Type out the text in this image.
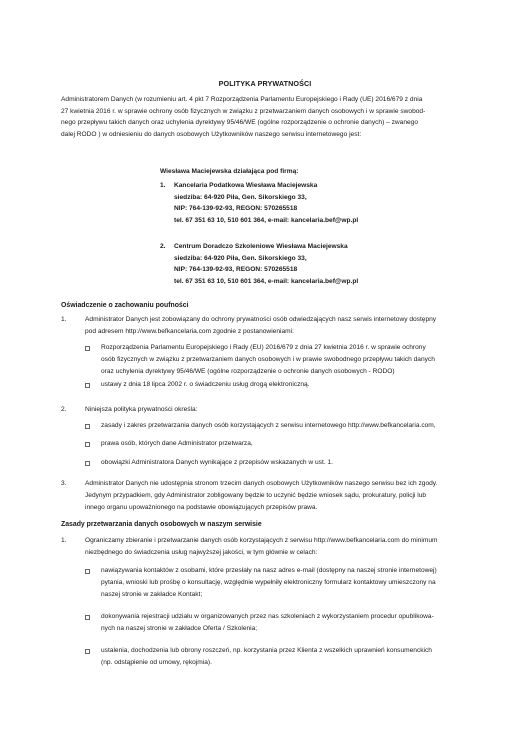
POLITYKA PRYWATNOŚCI
Administratorem Danych (w rozumieniu art. 4 pkt 7 Rozporządzenia Parlamentu Europejskiego i Rady (UE) 2016/679 z dnia
27 kwietnia 2016 r. w sprawie ochrony osób fizycznych w związku z przetwarzaniem danych osobowych i w sprawie swobod-
nego przepływu takich danych oraz uchylenia dyrektywy 95/46/WE (ogólne rozporządzenie o ochronie danych) – zwanego
dalej RODO ) w odniesieniu do danych osobowych Użytkowników naszego serwisu internetowego jest:
Wiesława Maciejewska działająca pod firmą:
1. Kancelaria Podatkowa Wiesława Maciejewska
siedziba: 64-920 Piła, Gen. Sikorskiego 33,
NIP: 764-139-92-93, REGON: 570265518
tel. 67 351 63 10, 510 601 364, e-mail: kancelaria.bef@wp.pl
2. Centrum Doradczo Szkoleniowe Wiesława Maciejewska
siedziba: 64-920 Piła, Gen. Sikorskiego 33,
NIP: 764-139-92-93, REGON: 570265518
tel. 67 351 63 10, 510 601 364, e-mail: kancelaria.bef@wp.pl
Oświadczenie o zachowaniu poufności
1.	Administrator Danych jest zobowiązany do ochrony prywatności osób odwiedzających nasz serwis internetowy dostępny
pod adresem http://www.befkancelaria.com zgodnie z postanowieniami:
Rozporządzenia Parlamentu Europejskiego i Rady (EU) 2016/679 z dnia 27 kwietnia 2016 r. w sprawie ochrony
osób fizycznych w związku z przetwarzaniem danych osobowych i w prawie swobodnego przepływu takich danych
oraz uchylenia dyrektywy 95/46/WE (ogólne rozporządzenie o ochronie danych osobowych - RODO)
ustawy z dnia 18 lipca 2002 r. o świadczeniu usług drogą elektroniczną.
2.	Niniejsza polityka prywatności określa:
zasady i zakres przetwarzania danych osób korzystających z serwisu internetowego http://www.befkancelaria.com,
prawa osób, których dane Administrator przetwarza,
obowiązki Administratora Danych wynikające z przepisów wskazanych w ust. 1.
3.	Administrator Danych nie udostępnia stronom trzecim danych osobowych Użytkowników naszego serwisu bez ich zgody.
Jedynym przypadkiem, gdy Administrator zobligowany będzie to uczynić będzie wniosek sądu, prokuratury, policji lub
innego organu upoważnionego na podstawie obowiązujących przepisów prawa.
Zasady przetwarzania danych osobowych w naszym serwisie
1.	Ograniczamy zbieranie i przetwarzanie danych osób korzystających z serwisu http://www.befkancelaria.com do minimum
niezbędnego do świadczenia usług najwyższej jakości, w tym głównie w celach:
nawiązywania kontaktów z osobami, które przesłały na nasz adres e-mail (dostępny na naszej stronie internetowej)
pytania, wnioski lub prośbę o konsultację, względnie wypełniły elektroniczny formularz kontaktowy umieszczony na
naszej stronie w zakładce Kontakt;
dokonywania rejestracji udziału w organizowanych przez nas szkoleniach z wykorzystaniem procedur opublikowa-
nych na naszej stronie w zakładce Oferta / Szkolenia;
ustalenia, dochodzenia lub obrony roszczeń, np. korzystania przez Klienta z wszelkich uprawnień konsumenckich
(np. odstąpienie od umowy, rękojmia).
